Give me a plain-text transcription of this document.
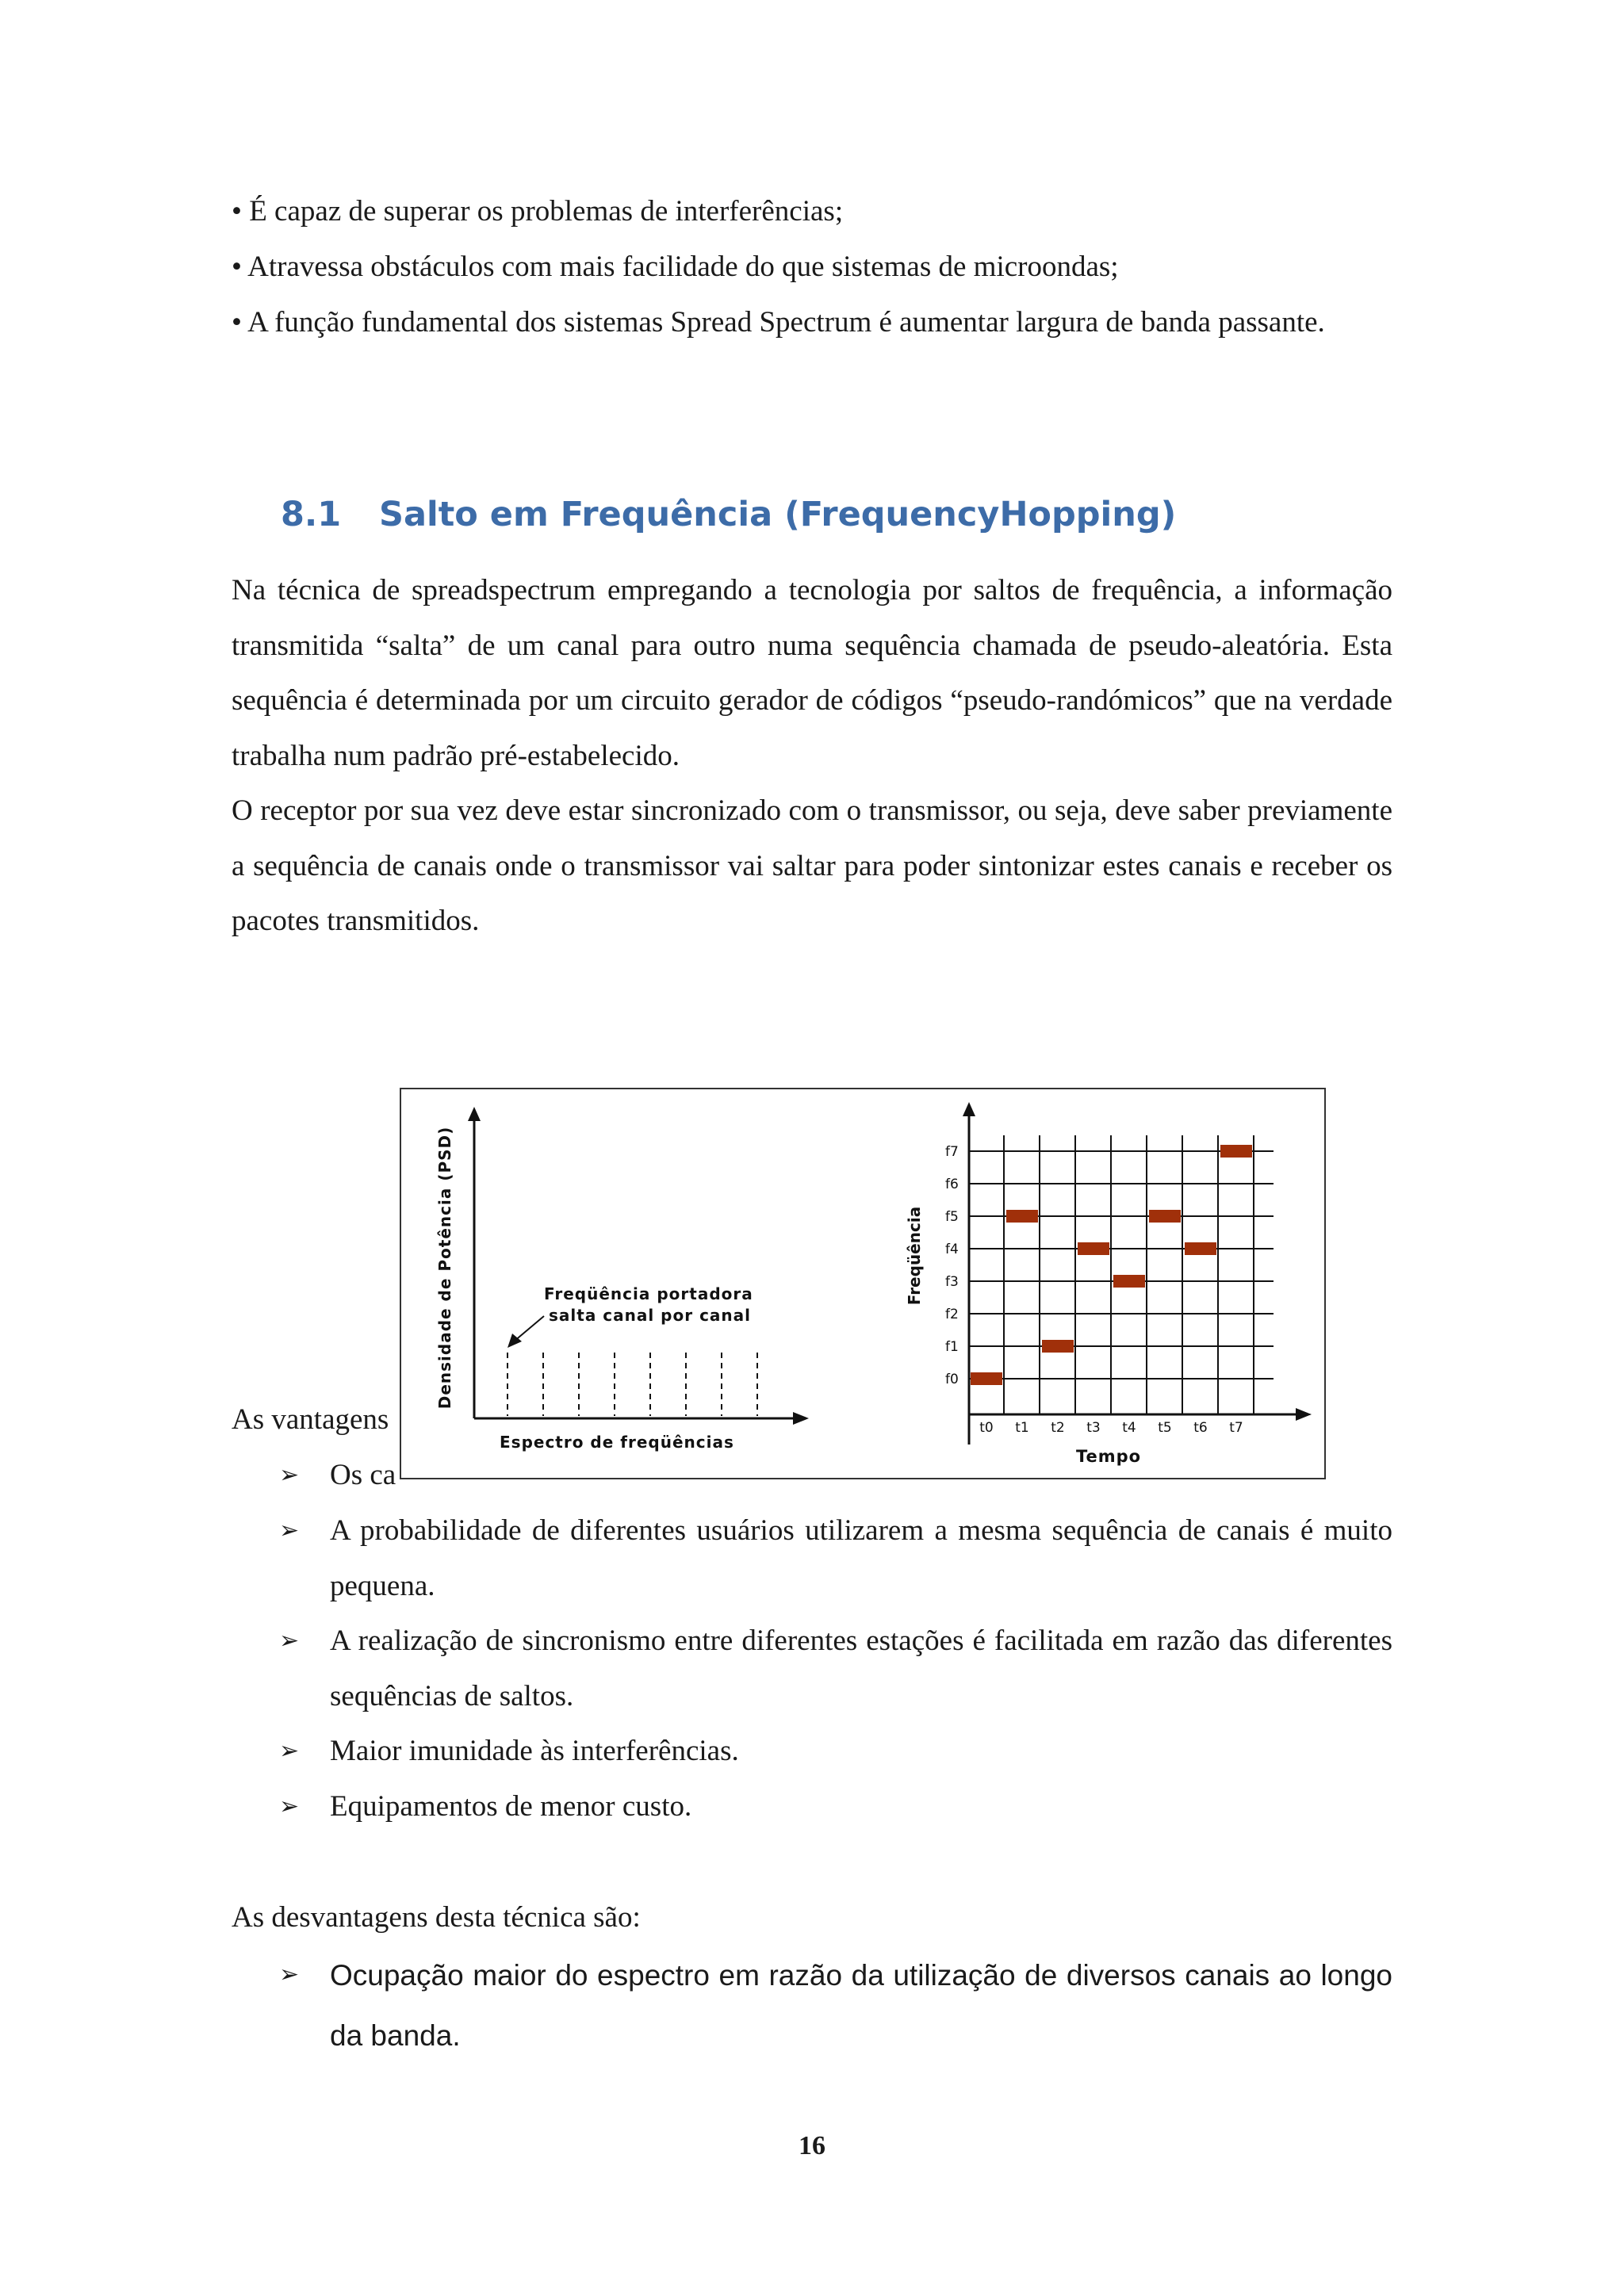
• É capaz de superar os problemas de interferências;
• Atravessa obstáculos com mais facilidade do que sistemas de microondas;

• A função fundamental dos sistemas Spread Spectrum é aumentar largura de banda passante.

8.1 Salto em Frequência (FrequencyHopping)

Na técnica de spreadspectrum empregando a tecnologia por saltos de frequência, a informação transmitida “salta” de um canal para outro numa sequência chamada de pseudo-aleatória. Esta sequência é determinada por um circuito gerador de códigos “pseudo-randómicos” que na verdade trabalha num padrão pré-estabelecido.

O receptor por sua vez deve estar sincronizado com o transmissor, ou seja, deve saber previamente a sequência de canais onde o transmissor vai saltar para poder sintonizar estes canais e receber os pacotes transmitidos.

As vantagens
➢ Os ca
Densidade de Potência (PSD)
Espectro de freqüências
Freqüência portadora
salta canal por canal
Freqüência
Tempo
f0
f1
f2
f3
f4
f5
f6
f7
t0 t1 t2 t3 t4 t5 t6 t7
➢ A probabilidade de diferentes usuários utilizarem a mesma sequência de canais é muito pequena.

➢ A realização de sincronismo entre diferentes estações é facilitada em razão das diferentes sequências de saltos.

➢ Maior imunidade às interferências.

➢ Equipamentos de menor custo.

As desvantagens desta técnica são:
➢ Ocupação maior do espectro em razão da utilização de diversos canais ao longo da banda.

16
